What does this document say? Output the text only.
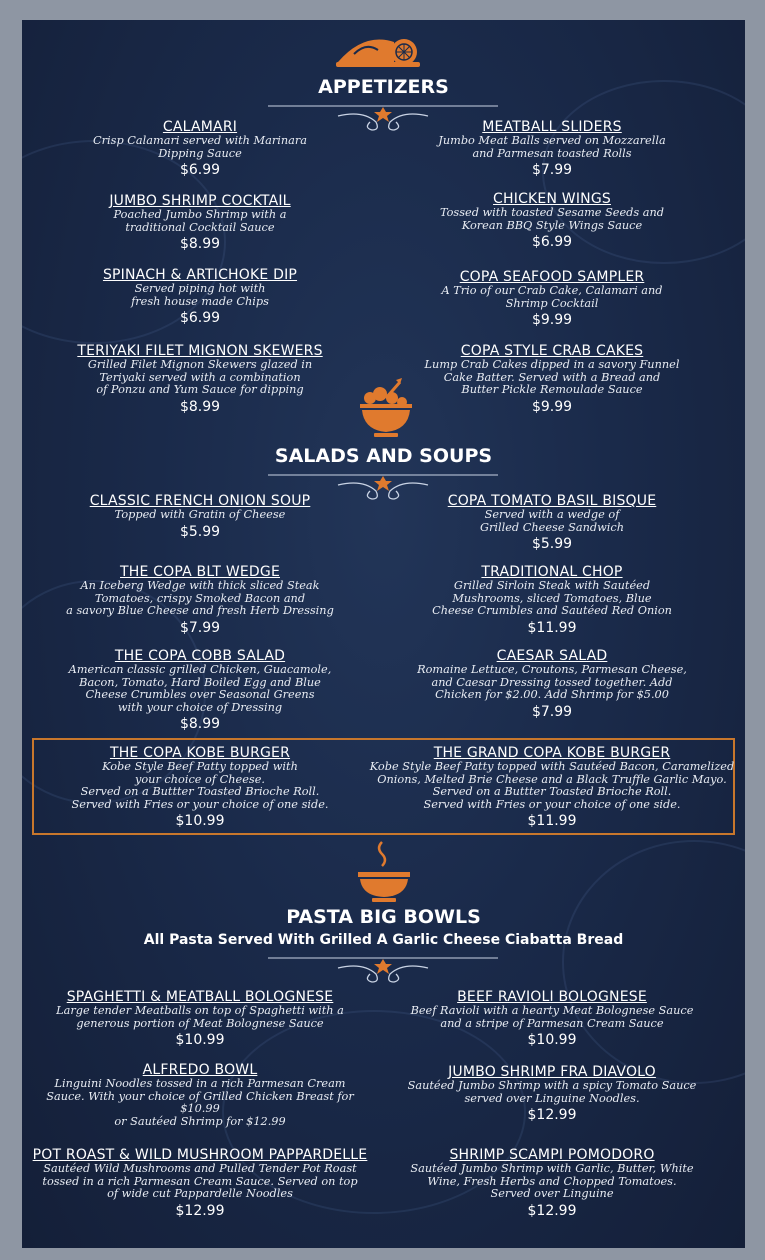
APPETIZERS
CALAMARI
Crisp Calamari served with Marinara
Dipping Sauce
$6.99
MEATBALL SLIDERS
Jumbo Meat Balls served on Mozzarella
and Parmesan toasted Rolls
$7.99
JUMBO SHRIMP COCKTAIL
Poached Jumbo Shrimp with a
traditional Cocktail Sauce
$8.99
CHICKEN WINGS
Tossed with toasted Sesame Seeds and
Korean BBQ Style Wings Sauce
$6.99
SPINACH & ARTICHOKE DIP
Served piping hot with
fresh house made Chips
$6.99
COPA SEAFOOD SAMPLER
A Trio of our Crab Cake, Calamari and
Shrimp Cocktail
$9.99
TERIYAKI FILET MIGNON SKEWERS
Grilled Filet Mignon Skewers glazed in
Teriyaki served with a combination
of Ponzu and Yum Sauce for dipping
$8.99
COPA STYLE CRAB CAKES
Lump Crab Cakes dipped in a savory Funnel
Cake Batter. Served with a Bread and
Butter Pickle Remoulade Sauce
$9.99
SALADS AND SOUPS
CLASSIC FRENCH ONION SOUP
Topped with Gratin of Cheese
$5.99
COPA TOMATO BASIL BISQUE
Served with a wedge of
Grilled Cheese Sandwich
$5.99
THE COPA BLT WEDGE
An Iceberg Wedge with thick sliced Steak
Tomatoes, crispy Smoked Bacon and
a savory Blue Cheese and fresh Herb Dressing
$7.99
TRADITIONAL CHOP
Grilled Sirloin Steak with Sautéed
Mushrooms, sliced Tomatoes, Blue
Cheese Crumbles and Sautéed Red Onion
$11.99
THE COPA COBB SALAD
American classic grilled Chicken, Guacamole,
Bacon, Tomato, Hard Boiled Egg and Blue
Cheese Crumbles over Seasonal Greens
with your choice of Dressing
$8.99
CAESAR SALAD
Romaine Lettuce, Croutons, Parmesan Cheese,
and Caesar Dressing tossed together. Add
Chicken for $2.00. Add Shrimp for $5.00
$7.99
THE COPA KOBE BURGER
Kobe Style Beef Patty topped with
your choice of Cheese.
Served on a Buttter Toasted Brioche Roll.
Served with Fries or your choice of one side.
$10.99
THE GRAND COPA KOBE BURGER
Kobe Style Beef Patty topped with Sautéed Bacon, Caramelized
Onions, Melted Brie Cheese and a Black Truffle Garlic Mayo.
Served on a Buttter Toasted Brioche Roll.
Served with Fries or your choice of one side.
$11.99
PASTA BIG BOWLS
All Pasta Served With Grilled A Garlic Cheese Ciabatta Bread
SPAGHETTI & MEATBALL BOLOGNESE
Large tender Meatballs on top of Spaghetti with a
generous portion of Meat Bolognese Sauce
$10.99
BEEF RAVIOLI BOLOGNESE
Beef Ravioli with a hearty Meat Bolognese Sauce
and a stripe of Parmesan Cream Sauce
$10.99
ALFREDO BOWL
Linguini Noodles tossed in a rich Parmesan Cream
Sauce. With your choice of Grilled Chicken Breast for $10.99
or Sautéed Shrimp for $12.99
JUMBO SHRIMP FRA DIAVOLO
Sautéed Jumbo Shrimp with a spicy Tomato Sauce
served over Linguine Noodles.
$12.99
POT ROAST & WILD MUSHROOM PAPPARDELLE
Sautéed Wild Mushrooms and Pulled Tender Pot Roast
tossed in a rich Parmesan Cream Sauce. Served on top
of wide cut Pappardelle Noodles
$12.99
SHRIMP SCAMPI POMODORO
Sautéed Jumbo Shrimp with Garlic, Butter, White
Wine, Fresh Herbs and Chopped Tomatoes.
Served over Linguine
$12.99
